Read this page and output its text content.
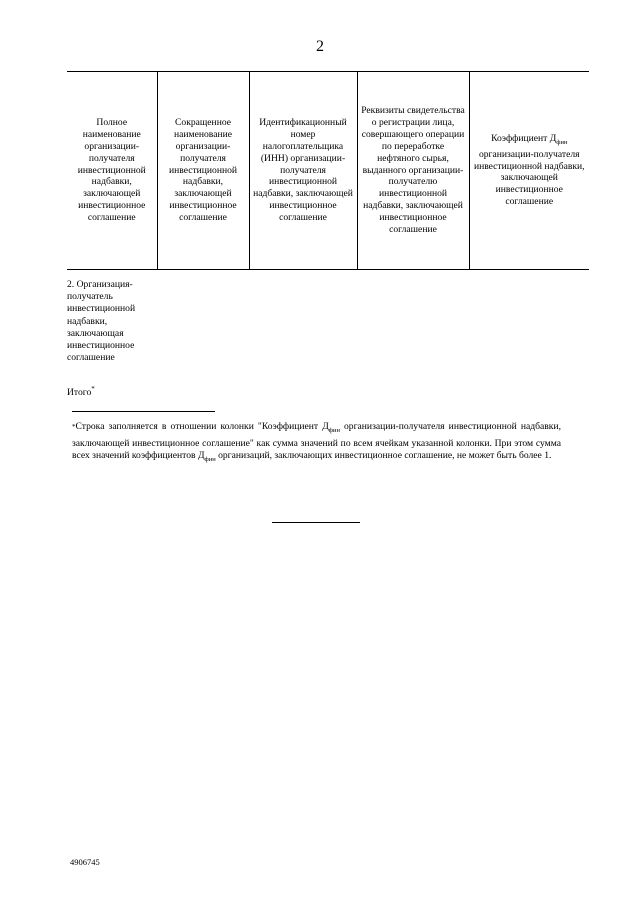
2
Полное наименование организации-получателя инвестиционной надбавки, заключающей инвестиционное соглашение	Сокращенное наименование организации-получателя инвестиционной надбавки, заключающей инвестиционное соглашение	Идентификационный номер налогоплательщика (ИНН) организации-получателя инвестиционной надбавки, заключающей инвестиционное соглашение	Реквизиты свидетельства о регистрации лица, совершающего операции по переработке нефтяного сырья, выданного организации-получателю инвестиционной надбавки, заключающей инвестиционное соглашение	Коэффициент $Д_{фин}$ организации-получателя инвестиционной надбавки, заключающей инвестиционное соглашение
2. Организация-получатель инвестиционной надбавки, заключающая инвестиционное соглашение
Итого*
*Строка заполняется в отношении колонки "Коэффициент $Д_{фин}$ организации-получателя инвестиционной надбавки, заключающей инвестиционное соглашение" как сумма значений по всем ячейкам указанной колонки. При этом сумма всех значений коэффициентов $Д_{фин}$ организаций, заключающих инвестиционное соглашение, не может быть более 1.
4906745
